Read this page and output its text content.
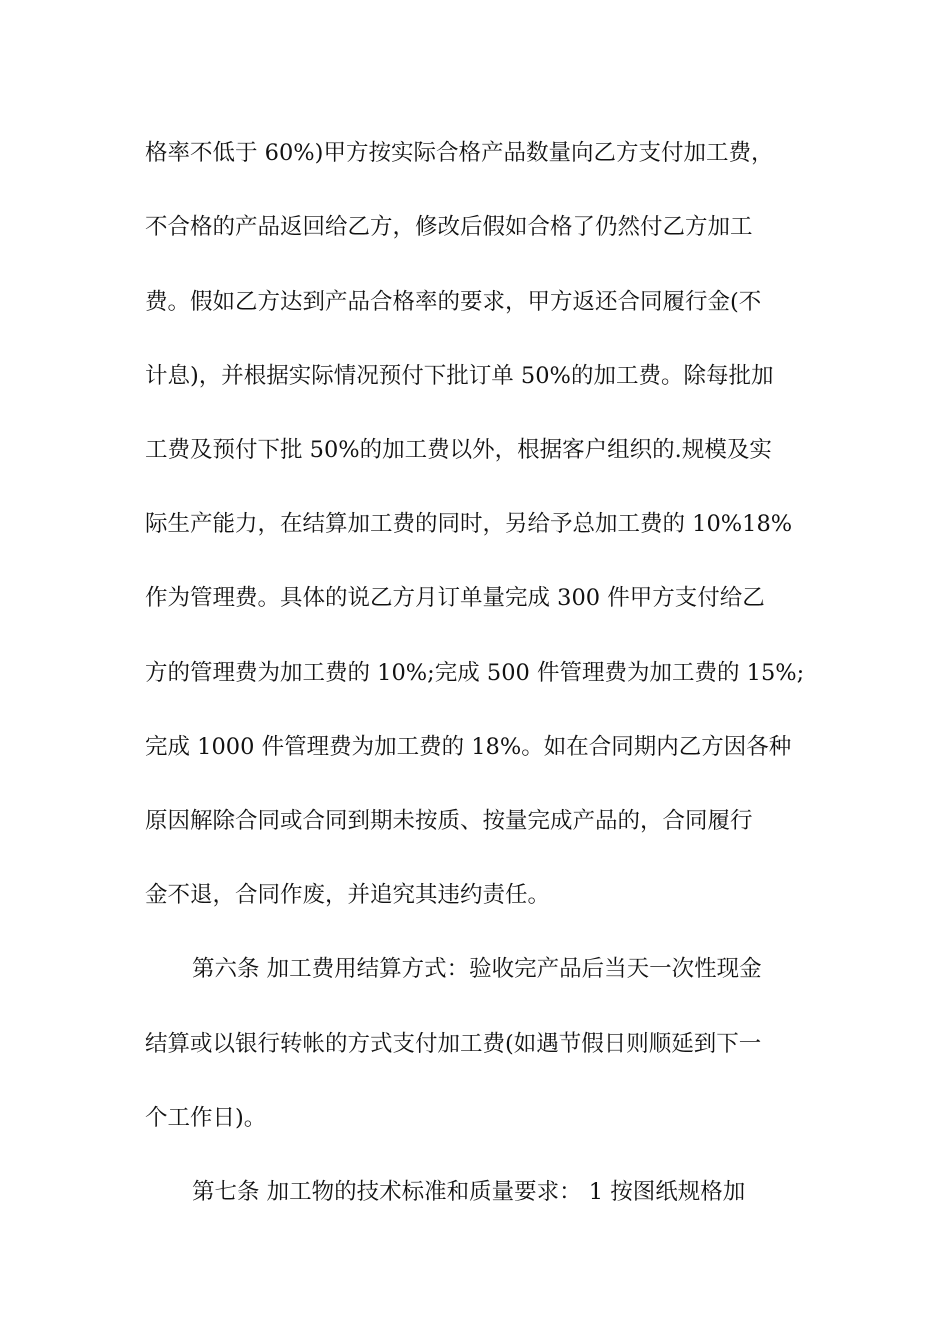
格率不低于 60%)甲方按实际合格产品数量向乙方支付加工费，
不合格的产品返回给乙方，修改后假如合格了仍然付乙方加工
费。假如乙方达到产品合格率的要求，甲方返还合同履行金(不
计息)，并根据实际情况预付下批订单 50%的加工费。除每批加
工费及预付下批 50%的加工费以外，根据客户组织的.规模及实
际生产能力，在结算加工费的同时，另给予总加工费的 10%18%
作为管理费。具体的说乙方月订单量完成 300 件甲方支付给乙
方的管理费为加工费的 10%;完成 500 件管理费为加工费的 15%;
完成 1000 件管理费为加工费的 18%。如在合同期内乙方因各种
原因解除合同或合同到期未按质、按量完成产品的，合同履行
金不退，合同作废，并追究其违约责任。
第六条 加工费用结算方式：验收完产品后当天一次性现金
结算或以银行转帐的方式支付加工费(如遇节假日则顺延到下一
个工作日)。
第七条 加工物的技术标准和质量要求： 1 按图纸规格加
